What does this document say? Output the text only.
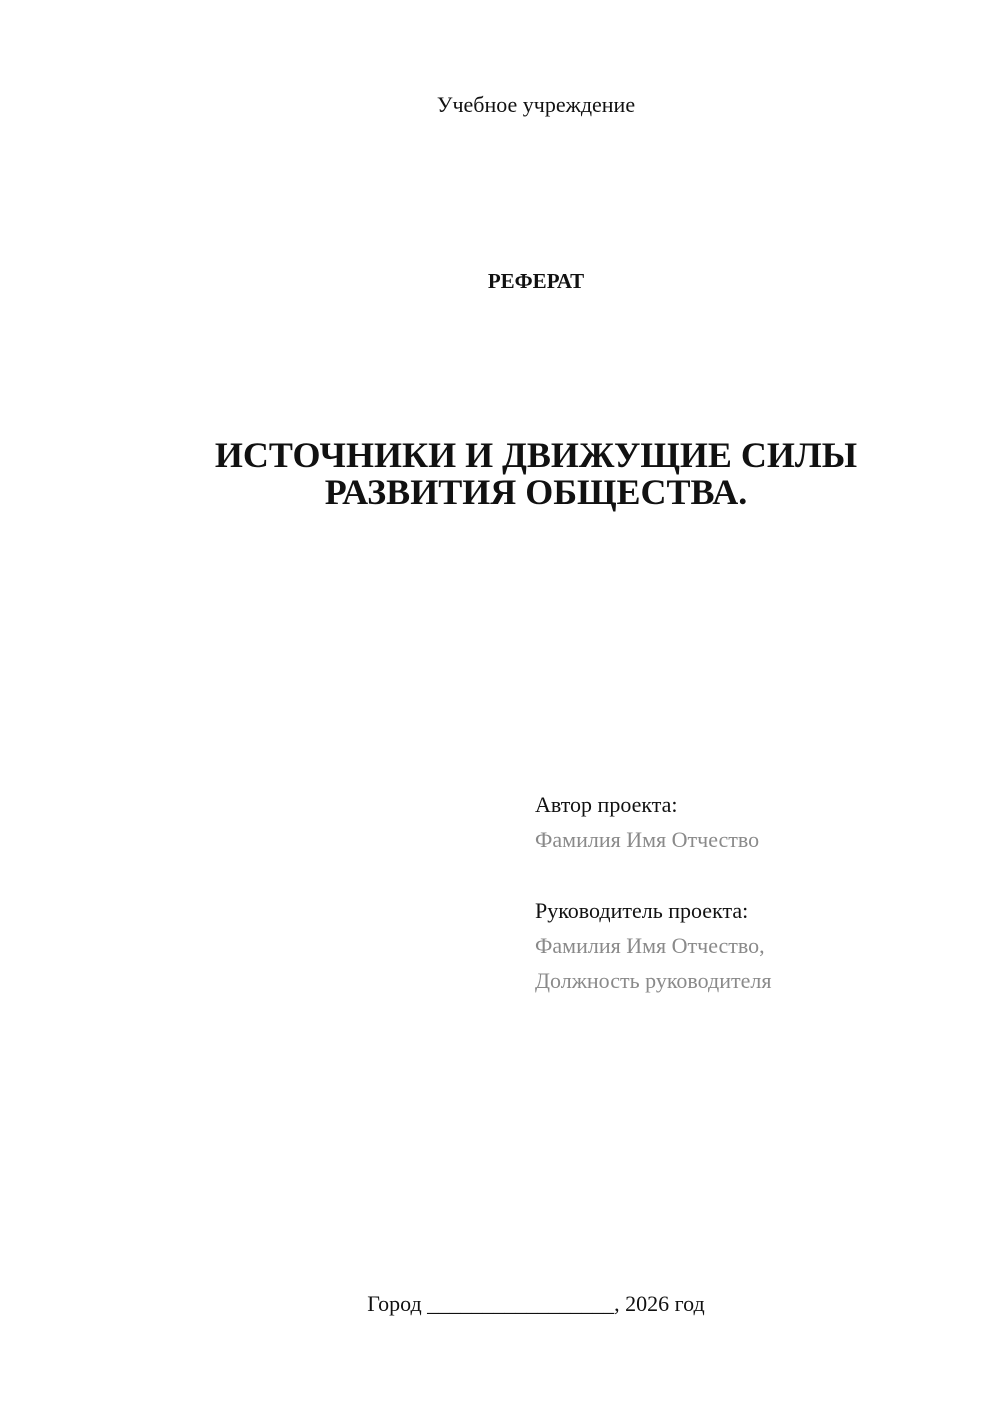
Учебное учреждение
РЕФЕРАТ
ИСТОЧНИКИ И ДВИЖУЩИЕ СИЛЫ
РАЗВИТИЯ ОБЩЕСТВА.
Автор проекта:
Фамилия Имя Отчество
Руководитель проекта:
Фамилия Имя Отчество,
Должность руководителя
Город _________________, 2026 год
